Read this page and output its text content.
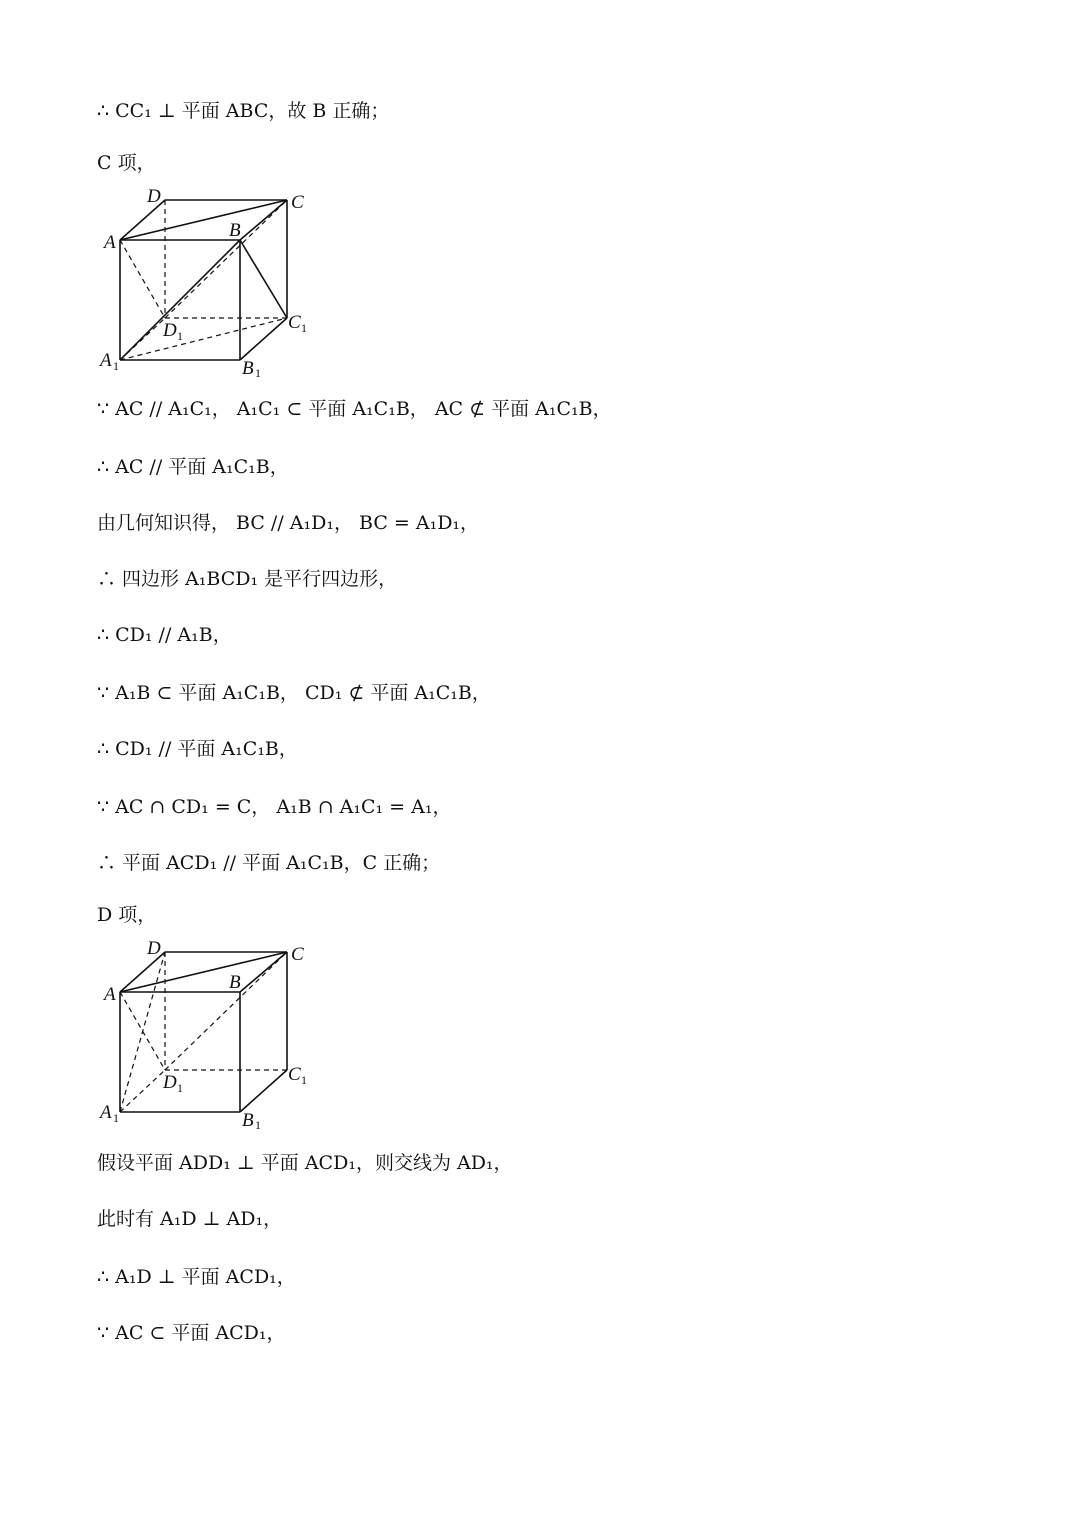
∴ CC₁ ⊥ 平面 ABC，故 B 正确；
C 项，
D	C
A
B
D 1
C 1
A 1	B 1
∵ AC // A₁C₁， A₁C₁ ⊂ 平面 A₁C₁B， AC ⊄ 平面 A₁C₁B，
∴ AC // 平面 A₁C₁B，
由几何知识得， BC // A₁D₁， BC = A₁D₁，
∴ 四边形 A₁BCD₁ 是平行四边形，
∴ CD₁ // A₁B，
∵ A₁B ⊂ 平面 A₁C₁B， CD₁ ⊄ 平面 A₁C₁B，
∴ CD₁ // 平面 A₁C₁B，
∵ AC ∩ CD₁ = C， A₁B ∩ A₁C₁ = A₁，
∴ 平面 ACD₁ // 平面 A₁C₁B，C 正确；
D 项，
D	C
A
B
D 1
C 1
A 1	B 1
假设平面 ADD₁ ⊥ 平面 ACD₁，则交线为 AD₁，
此时有 A₁D ⊥ AD₁，
∴ A₁D ⊥ 平面 ACD₁，
∵ AC ⊂ 平面 ACD₁，
